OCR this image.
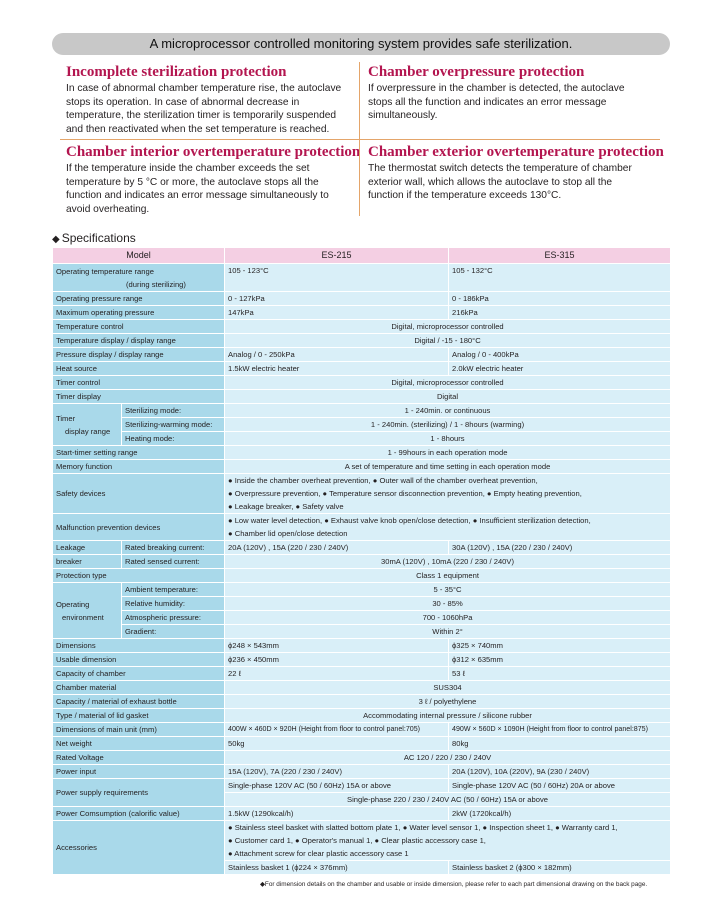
A microprocessor controlled monitoring system provides safe sterilization.
Incomplete sterilization protection
In case of abnormal chamber temperature rise, the autoclave
stops its operation. In case of abnormal decrease in
temperature, the sterilization timer is temporarily suspended
and then reactivated when the set temperature is reached.
Chamber overpressure protection
If overpressure in the chamber is detected, the autoclave
stops all the function and indicates an error message
simultaneously.
Chamber interior overtemperature protection
If the temperature inside the chamber exceeds the set
temperature by 5 °C or more, the autoclave stops all the
function and indicates an error message simultaneously to
avoid overheating.
Chamber exterior overtemperature protection
The thermostat switch detects the temperature of chamber
exterior wall, which allows the autoclave to stop all the
function if the temperature exceeds 130°C.
◆ Specifications
Model		ES-215	ES-315

Operating temperature range
(during sterilizing)		105 - 123°C	105 - 132°C
Operating pressure range		0 - 127kPa	0 - 186kPa
Maximum operating pressure		147kPa	216kPa
Temperature control		Digital, microprocessor controlled	
Temperature display / display range		Digital / -15 - 180°C	
Pressure display / display range		Analog / 0 - 250kPa	Analog / 0 - 400kPa
Heat source		1.5kW electric heater	2.0kW electric heater
Timer control		Digital, microprocessor controlled	
Timer display		Digital	

Timer
display range	Sterilizing mode:	1 - 240min. or continuous	
	Sterilizing-warming mode:	1 - 240min. (sterilizing) / 1 - 8hours (warming)	
	Heating mode:	1 - 8hours	
Start-timer setting range		1 - 99hours in each operation mode	
Memory function		A set of temperature and time setting in each operation mode	
Safety devices		● Inside the chamber overheat prevention, ● Outer wall of the chamber overheat prevention,
● Overpressure prevention, ● Temperature sensor disconnection prevention, ● Empty heating prevention,
● Leakage breaker, ● Safety valve	

Malfunction prevention devices		● Low water level detection, ● Exhaust valve knob open/close detection, ● Insufficient sterilization detection,
● Chamber lid open/close detection	

Leakage	Rated breaking current:	20A (120V) , 15A (220 / 230 / 240V)	30A (120V) , 15A (220 / 230 / 240V)
breaker	Rated sensed current:	30mA (120V) , 10mA (220 / 230 / 240V)	
Protection type		Class 1 equipment	

Operating
environment	Ambient temperature:	5 - 35°C	
	Relative humidity:	30 - 85%	
	Atmospheric pressure:	700 - 1060hPa	
	Gradient:	Within 2°	
Dimensions		ϕ248 × 543mm	ϕ325 × 740mm
Usable dimension		ϕ236 × 450mm	ϕ312 × 635mm
Capacity of chamber		22 ℓ	53 ℓ
Chamber material		SUS304	
Capacity / material of exhaust bottle		3 ℓ / polyethylene	
Type / material of lid gasket		Accommodating internal pressure / silicone rubber	
Dimensions of main unit (mm)		400W × 460D × 920H (Height from floor to control panel:705)	490W × 560D × 1090H (Height from floor to control panel:875)
Net weight		50kg	80kg
Rated Voltage		AC 120 / 220 / 230 / 240V	
Power input		15A (120V), 7A (220 / 230 / 240V)	20A (120V), 10A (220V), 9A (230 / 240V)
Power supply requirements		Single-phase 120V AC (50 / 60Hz) 15A or above	Single-phase 120V AC (50 / 60Hz) 20A or above
		Single-phase 220 / 230 / 240V AC (50 / 60Hz) 15A or above	
Power Comsumption (calorific value)		1.5kW (1290kcal/h)	2kW (1720kcal/h)
Accessories		● Stainless steel basket with slatted bottom plate 1, ● Water level sensor 1, ● Inspection sheet 1, ● Warranty card 1,
● Customer card 1, ● Operator's manual 1, ● Clear plastic accessory case 1,
● Attachment screw for clear plastic accessory case 1	

		Stainless basket 1 (ϕ224 × 376mm)	Stainless basket 2 (ϕ300 × 182mm)
◆For dimension details on the chamber and usable or inside dimension, please refer to each part dimensional drawing on the back page.
